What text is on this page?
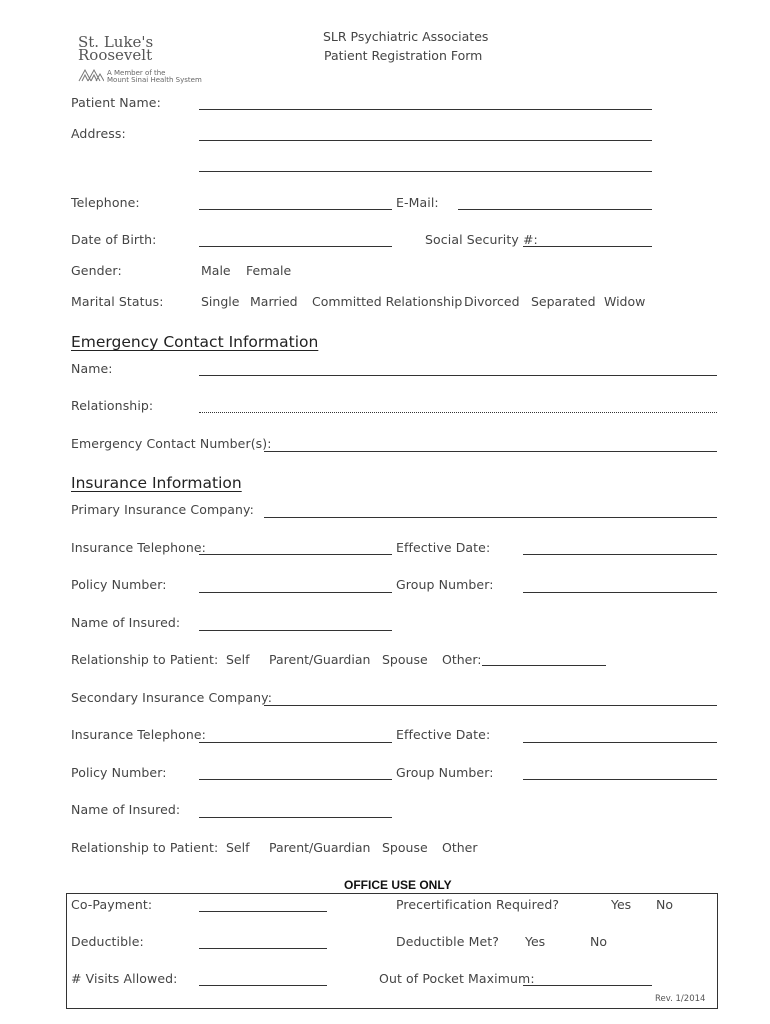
St. Luke's
Roosevelt
A Member of the
Mount Sinai Health System
SLR Psychiatric Associates
Patient Registration Form
Patient Name:
Address:
Telephone:	E-Mail:
Date of Birth:	Social Security #:
Gender:	Male Female
Marital Status:	Single Married Committed Relationship Divorced Separated Widow
Emergency Contact Information
Name:
Relationship:
Emergency Contact Number(s):
Insurance Information
Primary Insurance Company:
Insurance Telephone:	Effective Date:
Policy Number:	Group Number:
Name of Insured:
Relationship to Patient: Self Parent/Guardian Spouse Other:
Secondary Insurance Company:
Insurance Telephone:	Effective Date:
Policy Number:	Group Number:
Name of Insured:
Relationship to Patient: Self Parent/Guardian Spouse Other
OFFICE USE ONLY
Co-Payment:	Precertification Required?	Yes No
Deductible:	Deductible Met? Yes	No
# Visits Allowed:	Out of Pocket Maximum:
Rev. 1/2014
